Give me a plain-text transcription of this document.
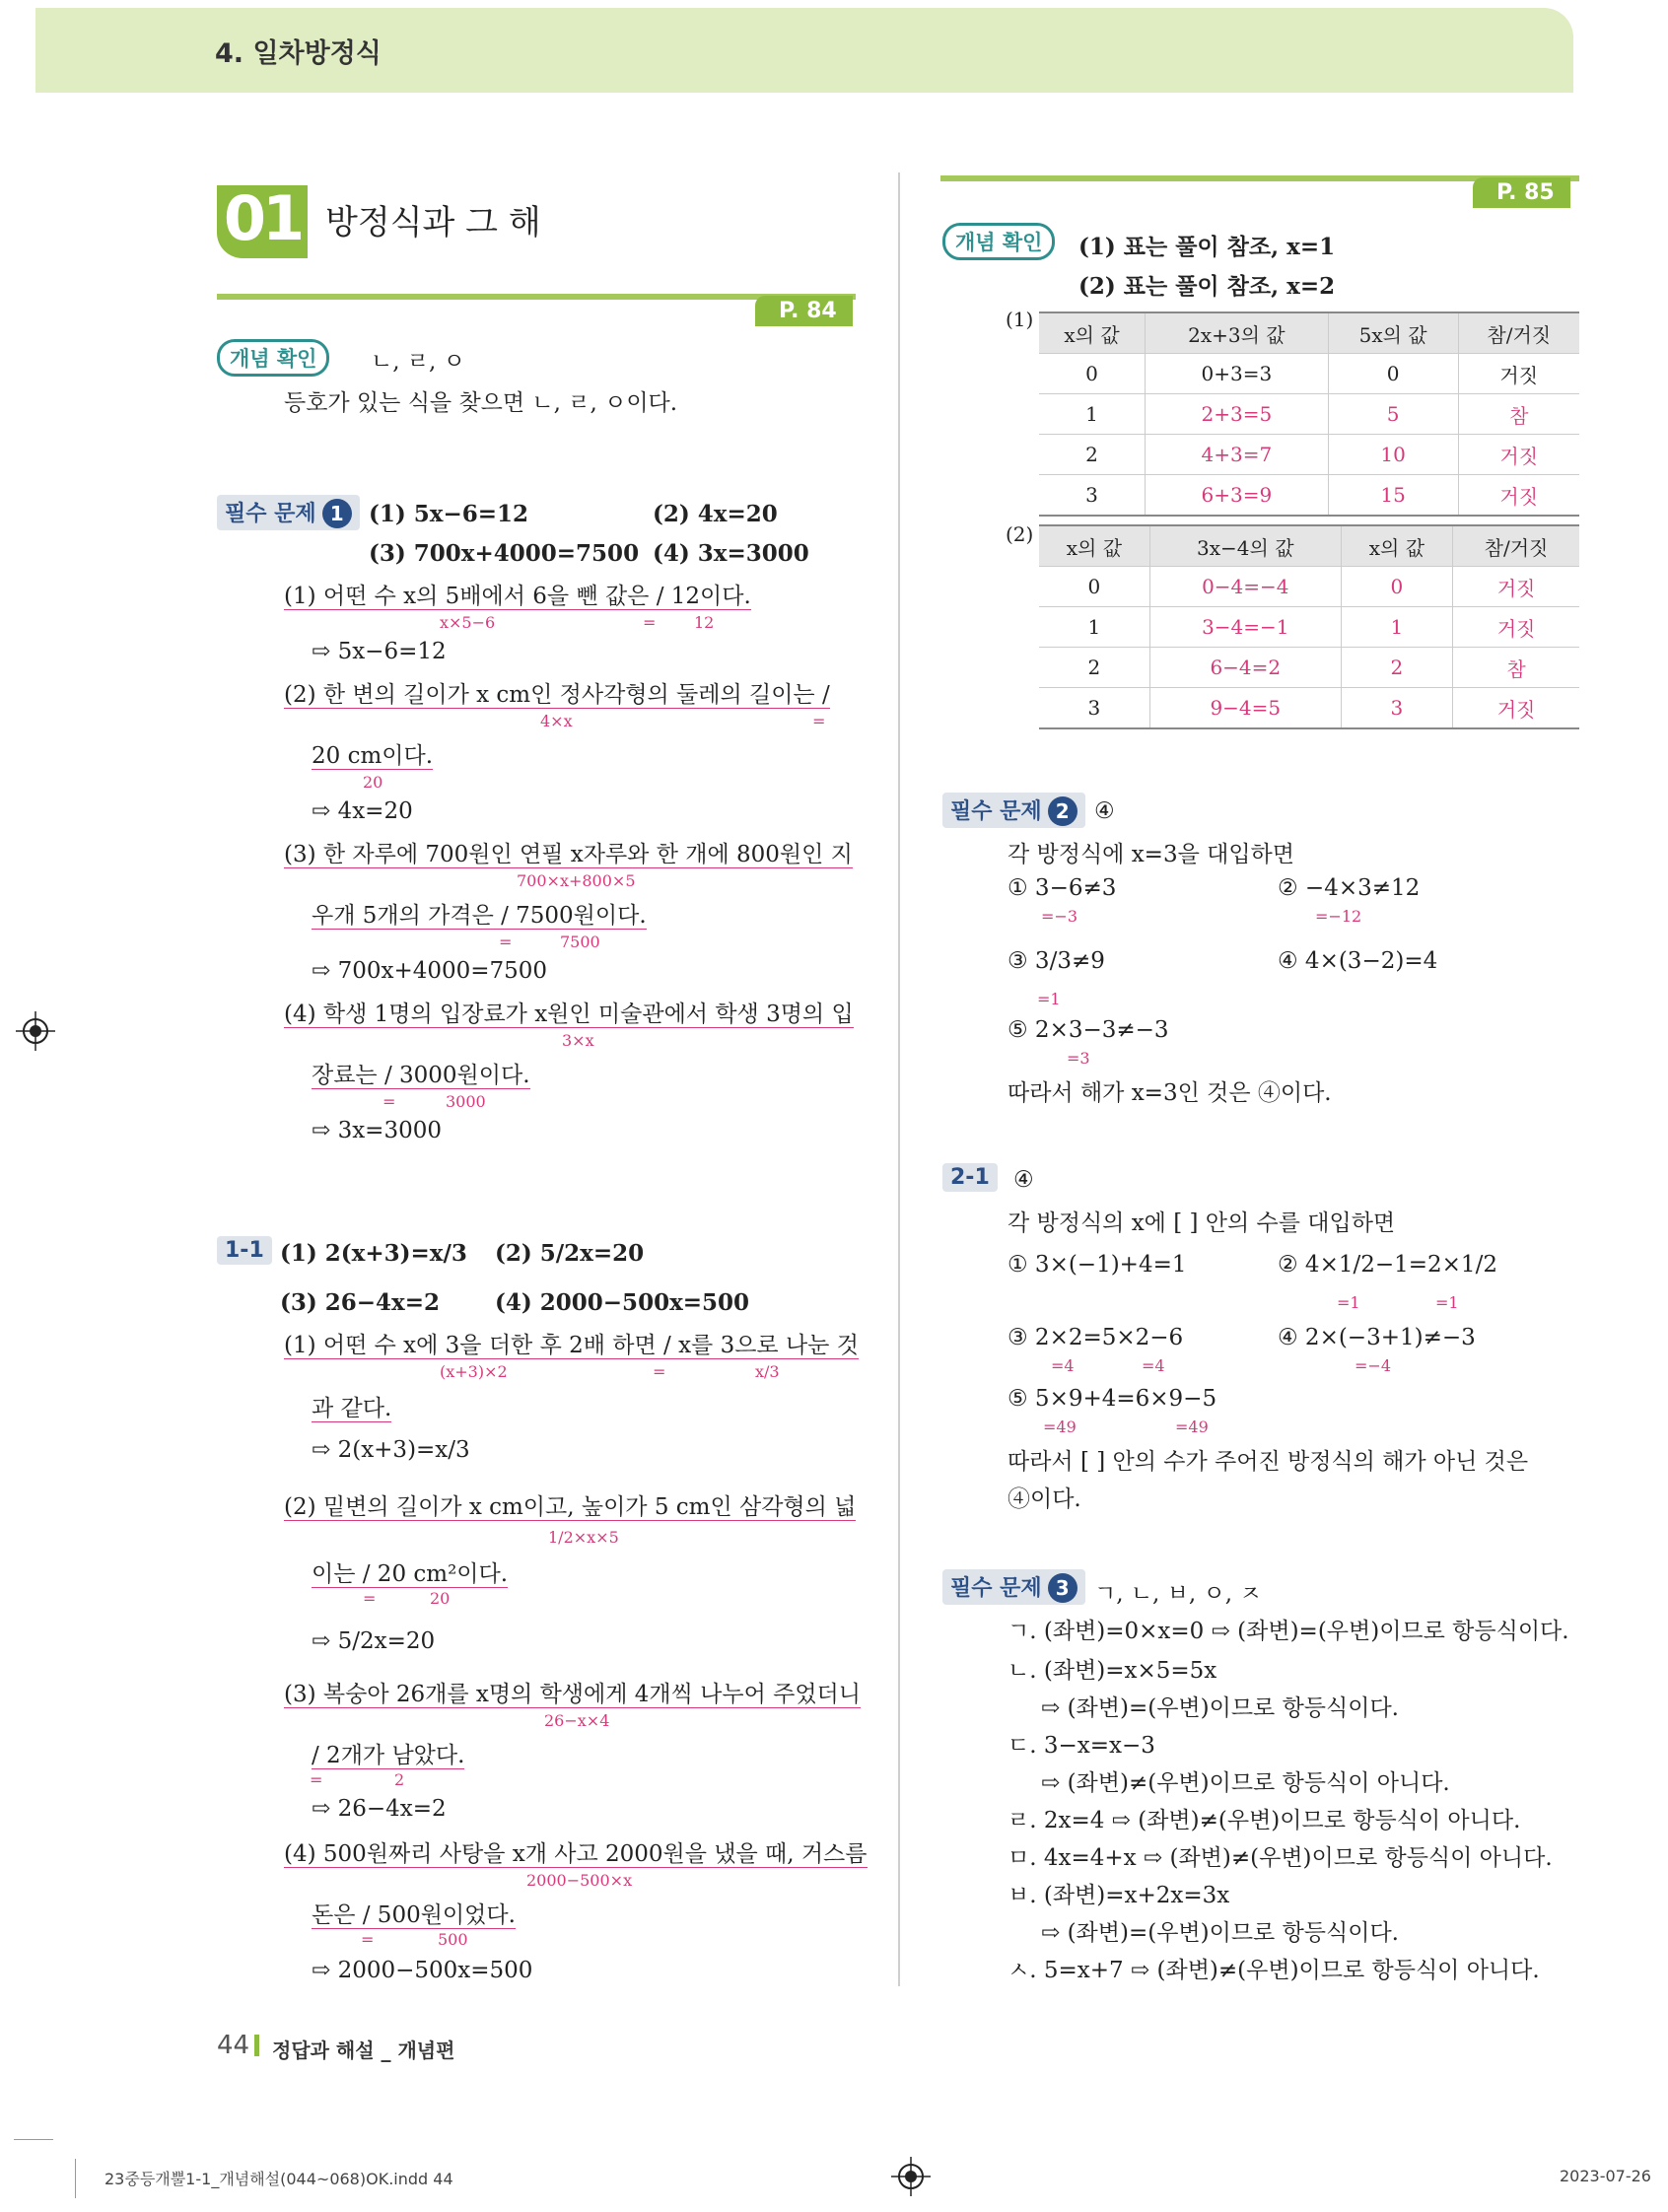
4. 일차방정식
01 방정식과 그 해
P. 84
개념 확인	ㄴ, ㄹ, ㅇ
등호가 있는 식을 찾으면 ㄴ, ㄹ, ㅇ이다.
필수 문제 1	(1) 5x−6=12	(2) 4x=20
(3) 700x+4000=7500 (4) 3x=3000
(1) 어떤 수 x의 5배에서 6을 뺀 값은 / 12이다.
x×5−6	= 12
⇨ 5x−6=12
(2) 한 변의 길이가 x cm인 정사각형의 둘레의 길이는 /
4×x	=
20 cm이다.
20
⇨ 4x=20
(3) 한 자루에 700원인 연필 x자루와 한 개에 800원인 지
700×x+800×5
우개 5개의 가격은 / 7500원이다.
=	7500
⇨ 700x+4000=7500
(4) 학생 1명의 입장료가 x원인 미술관에서 학생 3명의 입
3×x
장료는 / 3000원이다.
=	3000
⇨ 3x=3000
1-1 (1) 2(x+3)=x/3 (2) 5/2x=20
(3) 26−4x=2 (4) 2000−500x=500
(1) 어떤 수 x에 3을 더한 후 2배 하면 / x를 3으로 나눈 것
(x+3)×2	=	x/3
과 같다.
⇨ 2(x+3)=x/3
(2) 밑변의 길이가 x cm이고, 높이가 5 cm인 삼각형의 넓
1/2×x×5
이는 / 20 cm²이다.
=	20
⇨ 5/2x=20
(3) 복숭아 26개를 x명의 학생에게 4개씩 나누어 주었더니
26−x×4
/ 2개가 남았다.
=	2
⇨ 26−4x=2
(4) 500원짜리 사탕을 x개 사고 2000원을 냈을 때, 거스름
2000−500×x
돈은 / 500원이었다.
=	500
⇨ 2000−500x=500
P. 85
개념 확인	(1) 표는 풀이 참조, x=1
(2) 표는 풀이 참조, x=2
(1)
x의 값	2x+3의 값	5x의 값	참/거짓
0	0+3=3	0	거짓
1	2+3=5	5	참
2	4+3=7	10	거짓
3	6+3=9	15	거짓
(2)
x의 값	3x−4의 값	x의 값	참/거짓
0	0−4=−4	0	거짓
1	3−4=−1	1	거짓
2	6−4=2	2	참
3	9−4=5	3	거짓
필수 문제 2	④
각 방정식에 x=3을 대입하면
① 3−6≠3
=−3
② −4×3≠12
=−12
③ 3/3≠9
=1
④ 4×(3−2)=4
⑤ 2×3−3≠−3
=3
따라서 해가 x=3인 것은 ④이다.
2-1	④
각 방정식의 x에 [ ] 안의 수를 대입하면
① 3×(−1)+4=1	② 4×1/2−1=2×1/2
=1	=1
③ 2×2=5×2−6
=4	=4
④ 2×(−3+1)≠−3
=−4
⑤ 5×9+4=6×9−5
=49	=49
따라서 [ ] 안의 수가 주어진 방정식의 해가 아닌 것은
④이다.
필수 문제 3	ㄱ, ㄴ, ㅂ, ㅇ, ㅈ
ㄱ. (좌변)=0×x=0 ⇨ (좌변)=(우변)이므로 항등식이다.
ㄴ. (좌변)=x×5=5x
⇨ (좌변)=(우변)이므로 항등식이다.
ㄷ. 3−x=x−3
⇨ (좌변)≠(우변)이므로 항등식이 아니다.
ㄹ. 2x=4 ⇨ (좌변)≠(우변)이므로 항등식이 아니다.
ㅁ. 4x=4+x ⇨ (좌변)≠(우변)이므로 항등식이 아니다.
ㅂ. (좌변)=x+2x=3x
⇨ (좌변)=(우변)이므로 항등식이다.
ㅅ. 5=x+7 ⇨ (좌변)≠(우변)이므로 항등식이 아니다.
44 정답과 해설 _ 개념편
23중등개뿔1-1_개념해설(044~068)OK.indd 44	2023-07-26
